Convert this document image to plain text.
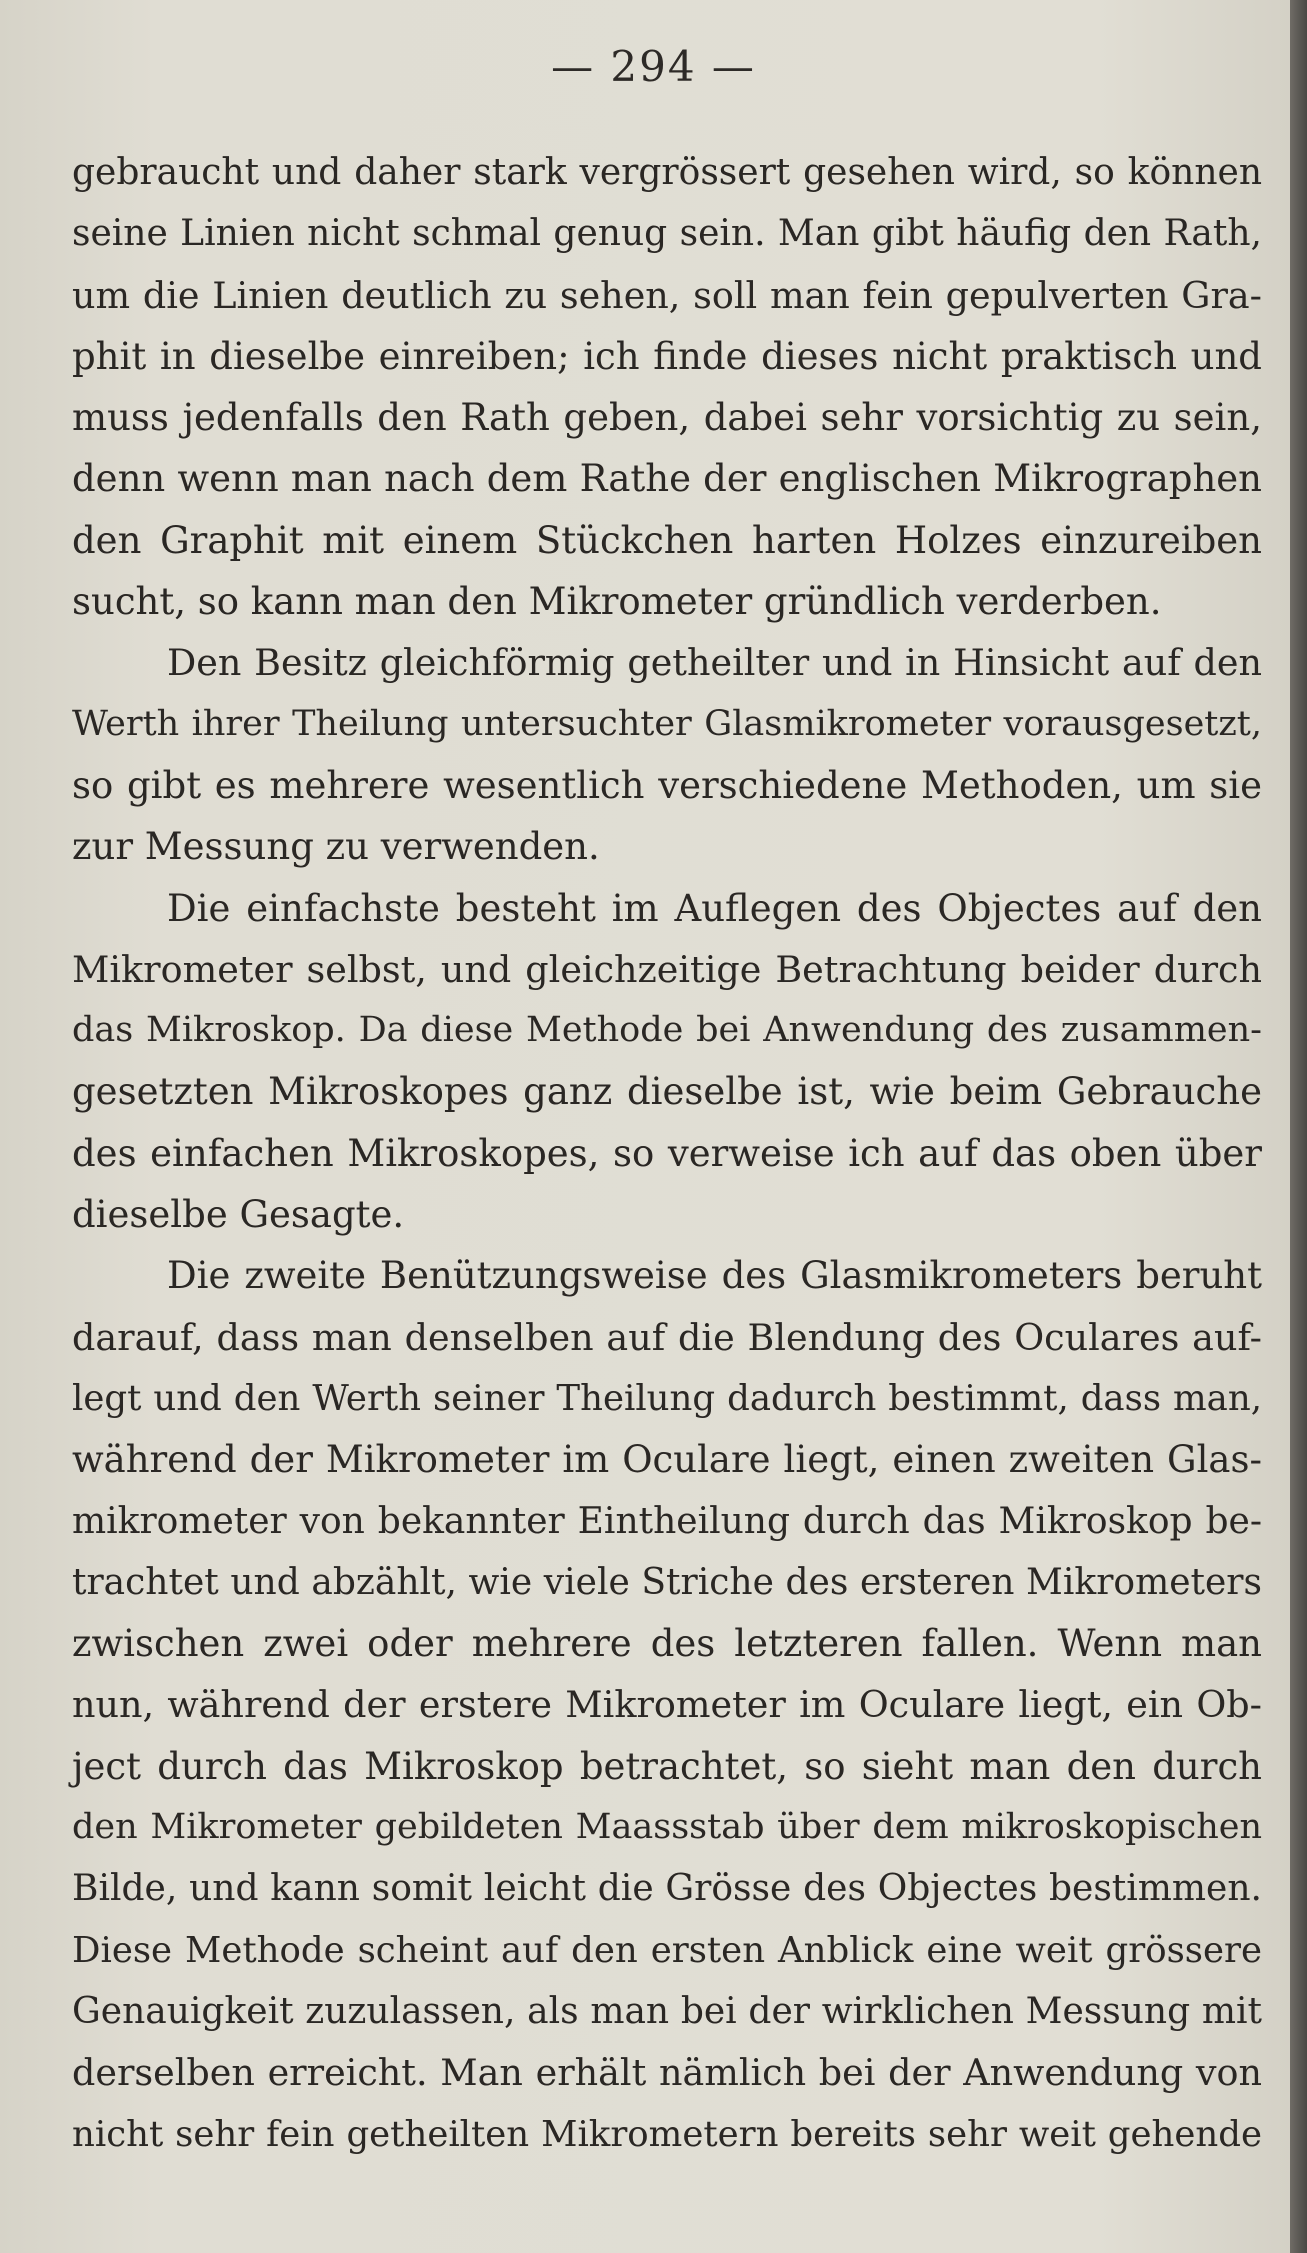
— 294 —
gebraucht und daher stark vergrössert gesehen wird, so können
seine Linien nicht schmal genug sein. Man gibt häufig den Rath,
um die Linien deutlich zu sehen, soll man fein gepulverten Gra-
phit in dieselbe einreiben; ich finde dieses nicht praktisch und
muss jedenfalls den Rath geben, dabei sehr vorsichtig zu sein,
denn wenn man nach dem Rathe der englischen Mikrographen
den Graphit mit einem Stückchen harten Holzes einzureiben
sucht, so kann man den Mikrometer gründlich verderben.
Den Besitz gleichförmig getheilter und in Hinsicht auf den
Werth ihrer Theilung untersuchter Glasmikrometer vorausgesetzt,
so gibt es mehrere wesentlich verschiedene Methoden, um sie
zur Messung zu verwenden.
Die einfachste besteht im Auflegen des Objectes auf den
Mikrometer selbst, und gleichzeitige Betrachtung beider durch
das Mikroskop. Da diese Methode bei Anwendung des zusammen-
gesetzten Mikroskopes ganz dieselbe ist, wie beim Gebrauche
des einfachen Mikroskopes, so verweise ich auf das oben über
dieselbe Gesagte.
Die zweite Benützungsweise des Glasmikrometers beruht
darauf, dass man denselben auf die Blendung des Oculares auf-
legt und den Werth seiner Theilung dadurch bestimmt, dass man,
während der Mikrometer im Oculare liegt, einen zweiten Glas-
mikrometer von bekannter Eintheilung durch das Mikroskop be-
trachtet und abzählt, wie viele Striche des ersteren Mikrometers
zwischen zwei oder mehrere des letzteren fallen. Wenn man
nun, während der erstere Mikrometer im Oculare liegt, ein Ob-
ject durch das Mikroskop betrachtet, so sieht man den durch
den Mikrometer gebildeten Maassstab über dem mikroskopischen
Bilde, und kann somit leicht die Grösse des Objectes bestimmen.
Diese Methode scheint auf den ersten Anblick eine weit grössere
Genauigkeit zuzulassen, als man bei der wirklichen Messung mit
derselben erreicht. Man erhält nämlich bei der Anwendung von
nicht sehr fein getheilten Mikrometern bereits sehr weit gehende
